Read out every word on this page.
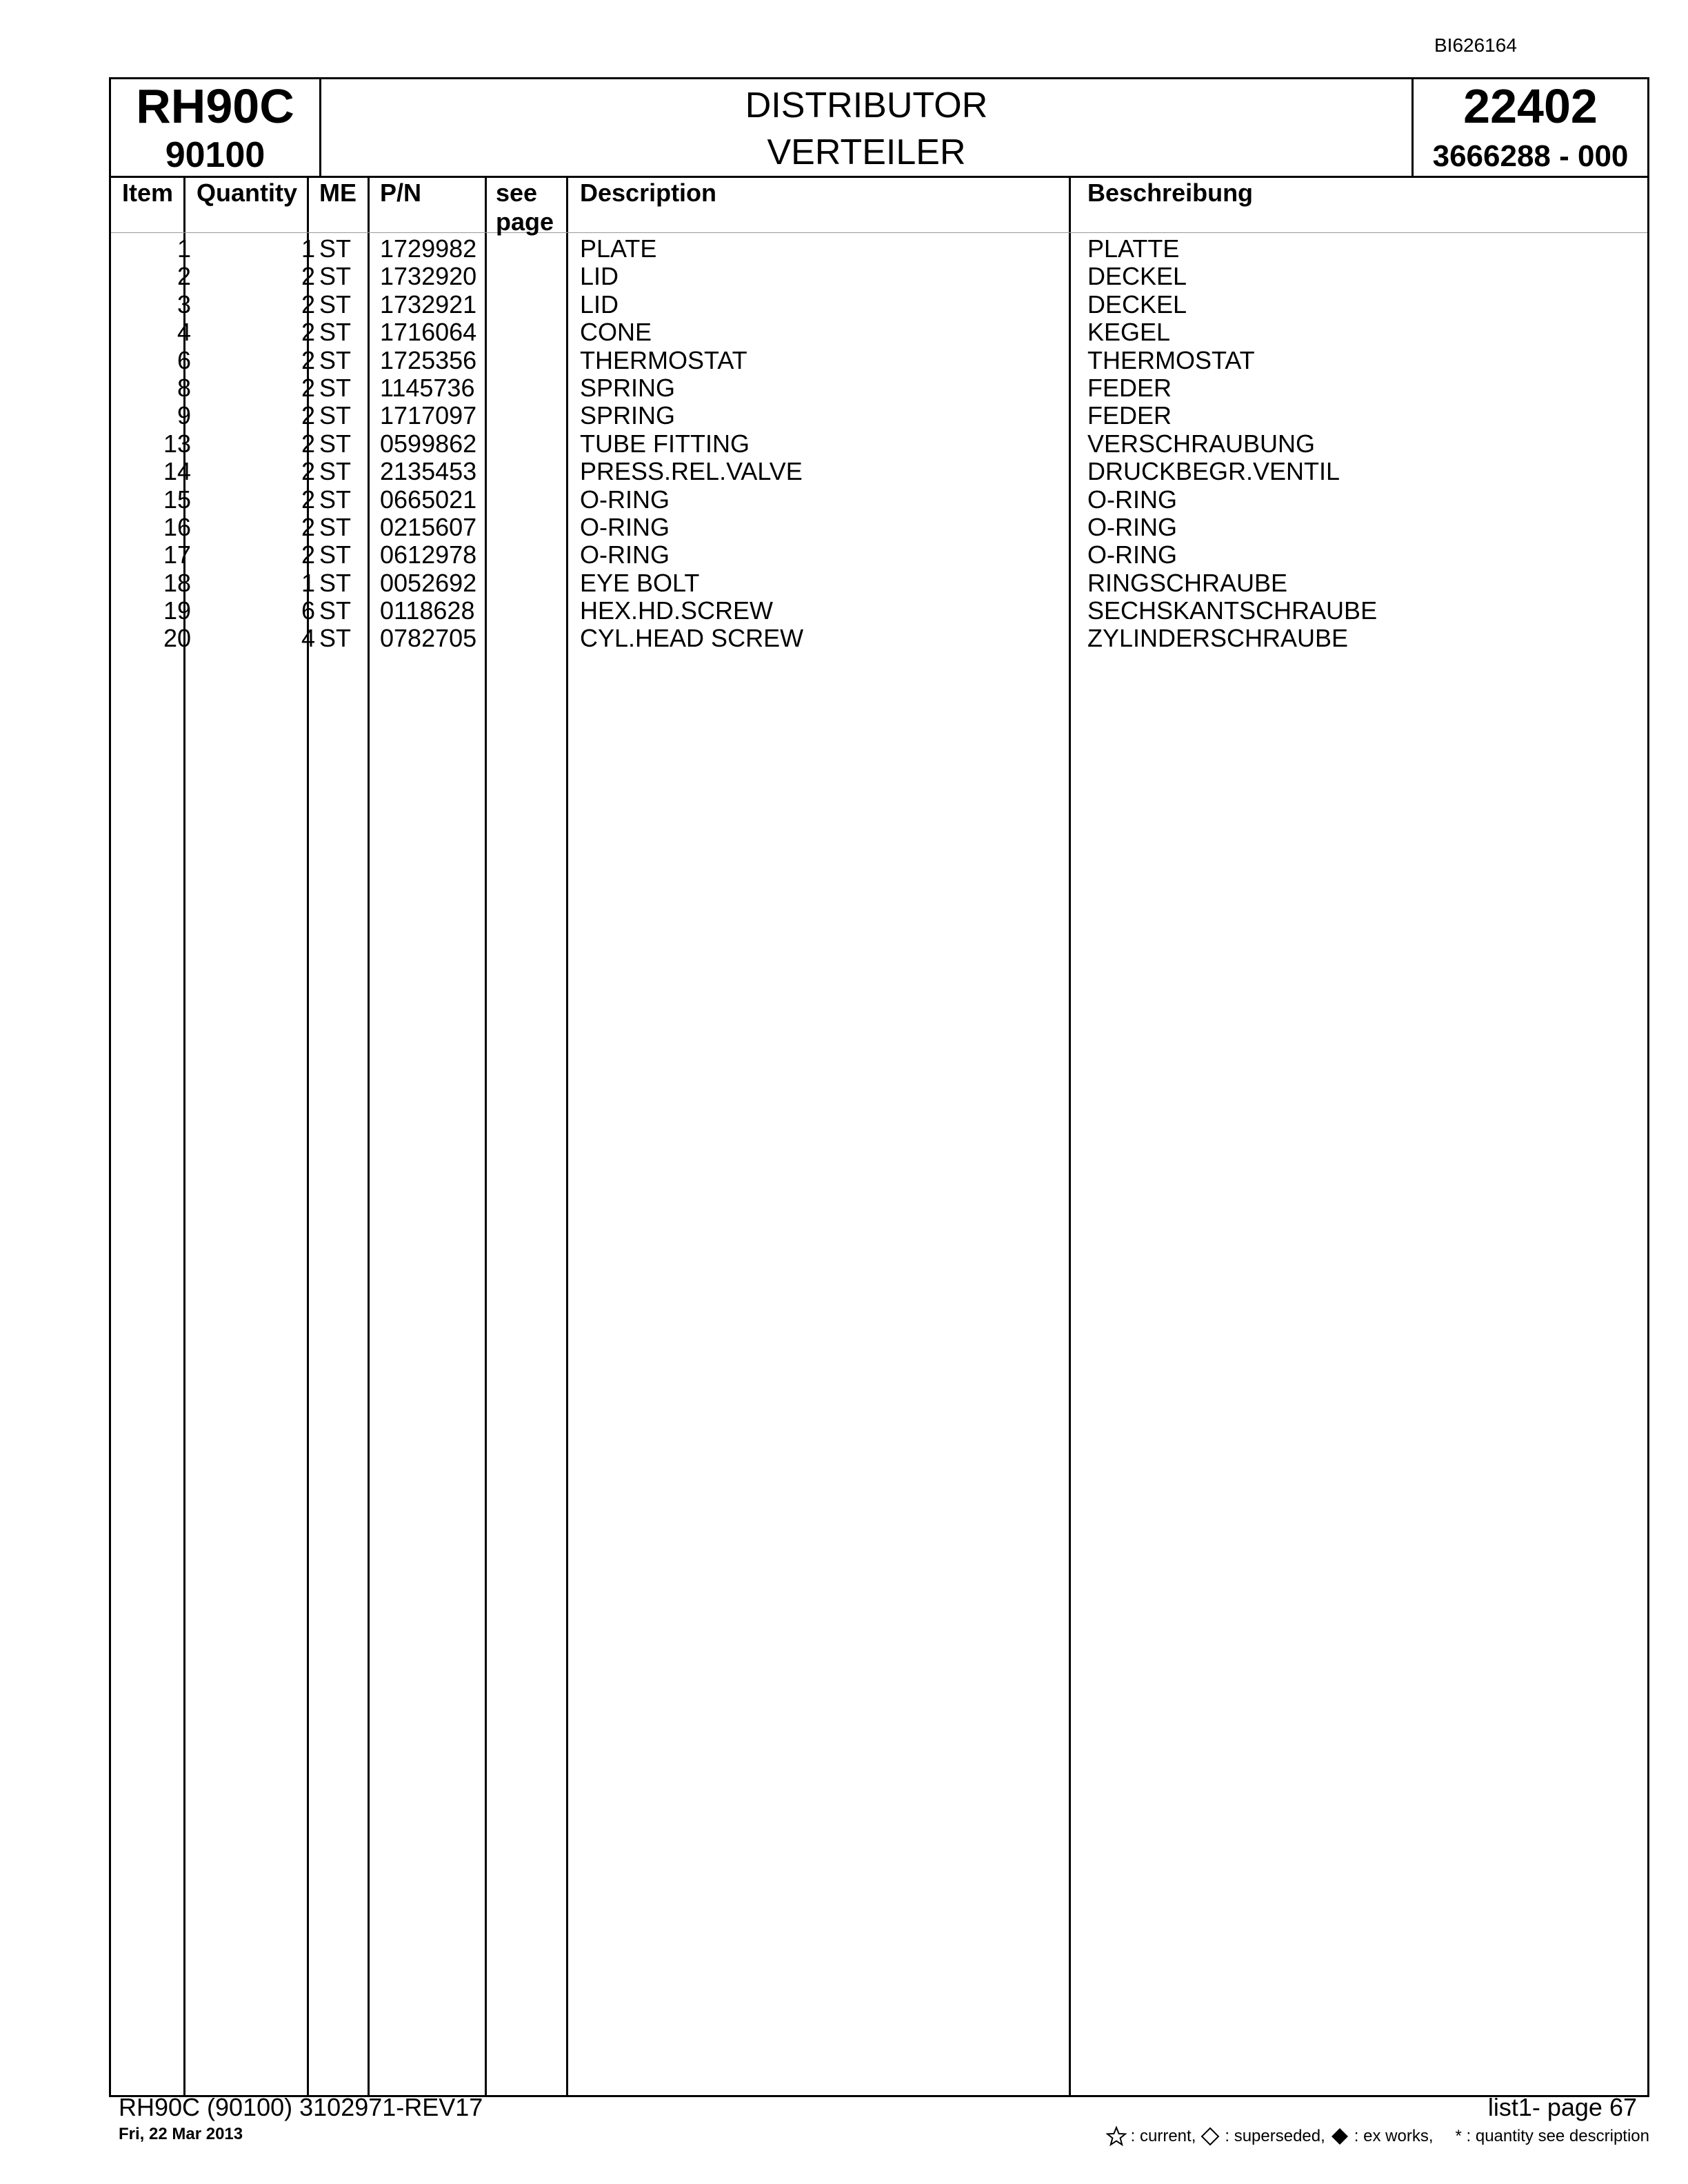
BI626164
RH90C
90100
DISTRIBUTOR
VERTEILER
22402
3666288 - 000
Item Quantity ME P/N	see
page
Description	Beschreibung
1	1 ST 1729982	PLATE	PLATTE
2	2 ST 1732920	LID	DECKEL
3	2 ST 1732921	LID	DECKEL
4	2 ST 1716064	CONE	KEGEL
6	2 ST 1725356	THERMOSTAT	THERMOSTAT
8	2 ST 1145736	SPRING	FEDER
9	2 ST 1717097	SPRING	FEDER
13	2 ST 0599862	TUBE FITTING	VERSCHRAUBUNG
14	2 ST 2135453	PRESS.REL.VALVE	DRUCKBEGR.VENTIL
15	2 ST 0665021	O-RING	O-RING
16	2 ST 0215607	O-RING	O-RING
17	2 ST 0612978	O-RING	O-RING
18	1 ST 0052692	EYE BOLT	RINGSCHRAUBE
19	6 ST 0118628	HEX.HD.SCREW	SECHSKANTSCHRAUBE
20	4 ST 0782705	CYL.HEAD SCREW	ZYLINDERSCHRAUBE
RH90C (90100) 3102971-REV17
Fri, 22 Mar 2013
list1- page 67
: current, : superseded, : ex works, * : quantity see description
